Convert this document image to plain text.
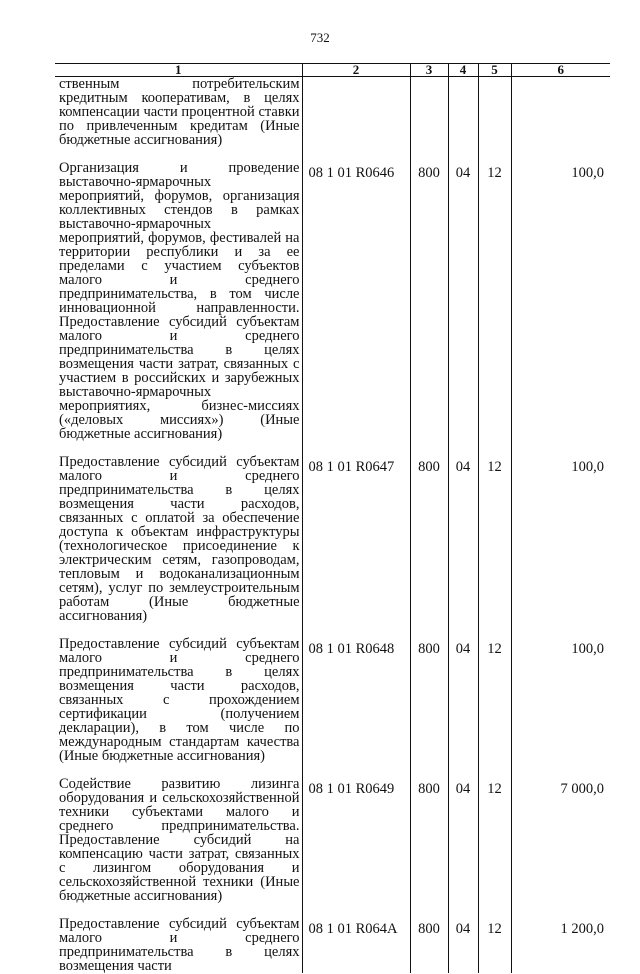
732
1	2	3	4	5	6
ственным потребительским кредитным кооперативам, в целях компенсации части процентной ставки по привлеченным кредитам (Иные бюджетные ассигнования)					

Организация и проведение выставочно-ярмарочных мероприятий, форумов, организация коллективных стендов в рамках выставочно-ярмарочных мероприятий, форумов, фестивалей на территории республики и за ее пределами с участием субъектов малого и среднего предпринимательства, в том числе инновационной направленности. Предоставление субсидий субъектам малого и среднего предпринимательства в целях возмещения части затрат, связанных с участием в российских и зарубежных выставочно-ярмарочных мероприятиях, бизнес-миссиях («деловых миссиях») (Иные бюджетные ассигнования)	08 1 01 R0646	800	04	12	100,0

Предоставление субсидий субъектам малого и среднего предпринимательства в целях возмещения части расходов, связанных с оплатой за обеспечение доступа к объектам инфраструктуры (технологическое присоединение к электрическим сетям, газопроводам, тепловым и водоканализационным сетям), услуг по землеустроительным работам (Иные бюджетные ассигнования)	08 1 01 R0647	800	04	12	100,0

Предоставление субсидий субъектам малого и среднего предпринимательства в целях возмещения части расходов, связанных с прохождением сертификации (получением декларации), в том числе по международным стандартам качества (Иные бюджетные ассигнования)	08 1 01 R0648	800	04	12	100,0

Содействие развитию лизинга оборудования и сельскохозяйственной техники субъектами малого и среднего предпринимательства. Предоставление субсидий на компенсацию части затрат, связанных с лизингом оборудования и сельскохозяйственной техники (Иные бюджетные ассигнования)	08 1 01 R0649	800	04	12	7 000,0

Предоставление субсидий субъектам малого и среднего предпринимательства в целях возмещения части	08 1 01 R064А	800	04	12	1 200,0
